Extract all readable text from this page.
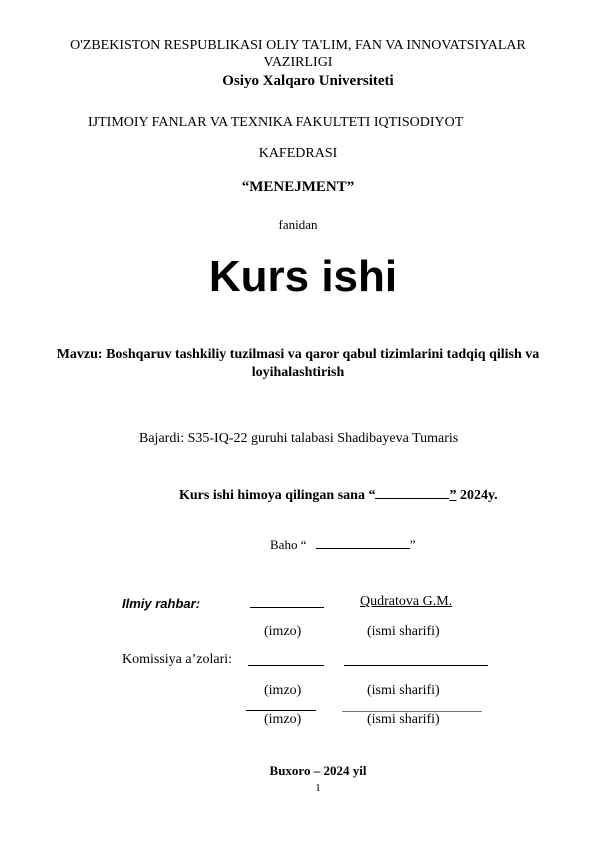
O'ZBEKISTON RESPUBLIKASI OLIY TA'LIM, FAN VA INNOVATSIYALAR
VAZIRLIGI
Osiyo Xalqaro Universiteti
IJTIMOIY FANLAR VA TEXNIKA FAKULTETI IQTISODIYOT
KAFEDRASI
“MENEJMENT”
fanidan
Kurs ishi
Mavzu: Boshqaruv tashkiliy tuzilmasi va qaror qabul tizimlarini tadqiq qilish va
loyihalashtirish
Bajardi: S35-IQ-22 guruhi talabasi Shadibayeva Tumaris
Kurs ishi himoya qilingan sana “	” 2024y.
Baho “	”
Ilmiy rahbar:	Qudratova G.M.
(imzo)	(ismi sharifi)
Komissiya a’zolari:
(imzo)	(ismi sharifi)
(imzo)	(ismi sharifi)
Buxoro – 2024 yil
1
